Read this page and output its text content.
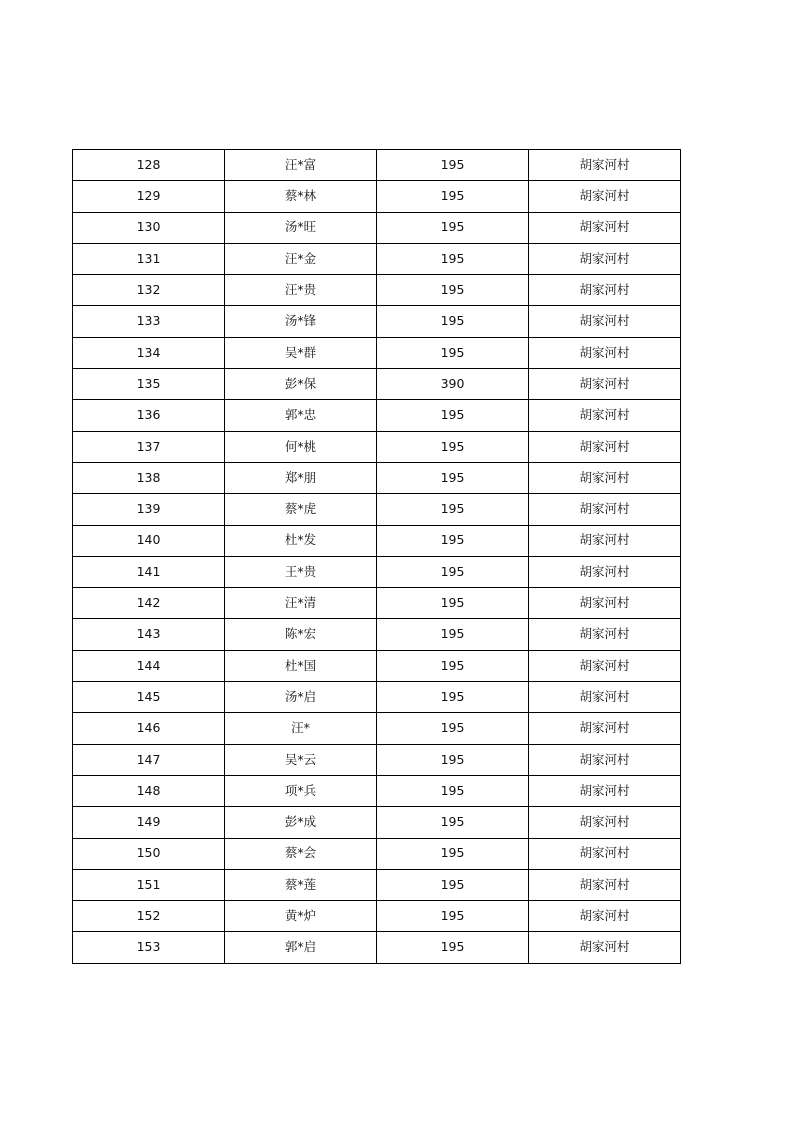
128	汪*富	195	胡家河村
129	蔡*林	195	胡家河村
130	汤*旺	195	胡家河村
131	汪*金	195	胡家河村
132	汪*贵	195	胡家河村
133	汤*锋	195	胡家河村
134	吴*群	195	胡家河村
135	彭*保	390	胡家河村
136	郭*忠	195	胡家河村
137	何*桃	195	胡家河村
138	郑*朋	195	胡家河村
139	蔡*虎	195	胡家河村
140	杜*发	195	胡家河村
141	王*贵	195	胡家河村
142	汪*清	195	胡家河村
143	陈*宏	195	胡家河村
144	杜*国	195	胡家河村
145	汤*启	195	胡家河村
146	汪*	195	胡家河村
147	吴*云	195	胡家河村
148	项*兵	195	胡家河村
149	彭*成	195	胡家河村
150	蔡*会	195	胡家河村
151	蔡*莲	195	胡家河村
152	黄*炉	195	胡家河村
153	郭*启	195	胡家河村
